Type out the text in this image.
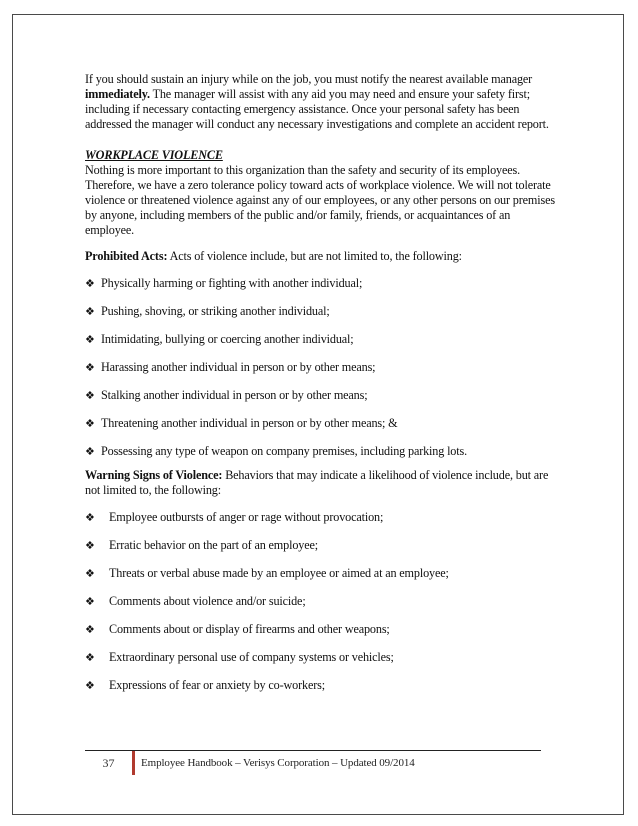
If you should sustain an injury while on the job, you must notify the nearest available manager immediately. The manager will assist with any aid you may need and ensure your safety first; including if necessary contacting emergency assistance. Once your personal safety has been addressed the manager will conduct any necessary investigations and complete an accident report.

WORKPLACE VIOLENCE

Nothing is more important to this organization than the safety and security of its employees. Therefore, we have a zero tolerance policy toward acts of workplace violence. We will not tolerate violence or threatened violence against any of our employees, or any other persons on our premises by anyone, including members of the public and/or family, friends, or acquaintances of an employee.

Prohibited Acts: Acts of violence include, but are not limited to, the following:

❖ Physically harming or fighting with another individual;
❖ Pushing, shoving, or striking another individual;
❖ Intimidating, bullying or coercing another individual;
❖ Harassing another individual in person or by other means;
❖ Stalking another individual in person or by other means;
❖ Threatening another individual in person or by other means; &
❖ Possessing any type of weapon on company premises, including parking lots.

Warning Signs of Violence: Behaviors that may indicate a likelihood of violence include, but are not limited to, the following:

❖	Employee outbursts of anger or rage without provocation;
❖	Erratic behavior on the part of an employee;
❖	Threats or verbal abuse made by an employee or aimed at an employee;
❖	Comments about violence and/or suicide;
❖	Comments about or display of firearms and other weapons;
❖	Extraordinary personal use of company systems or vehicles;
❖	Expressions of fear or anxiety by co-workers;
37	Employee Handbook – Verisys Corporation – Updated 09/2014
